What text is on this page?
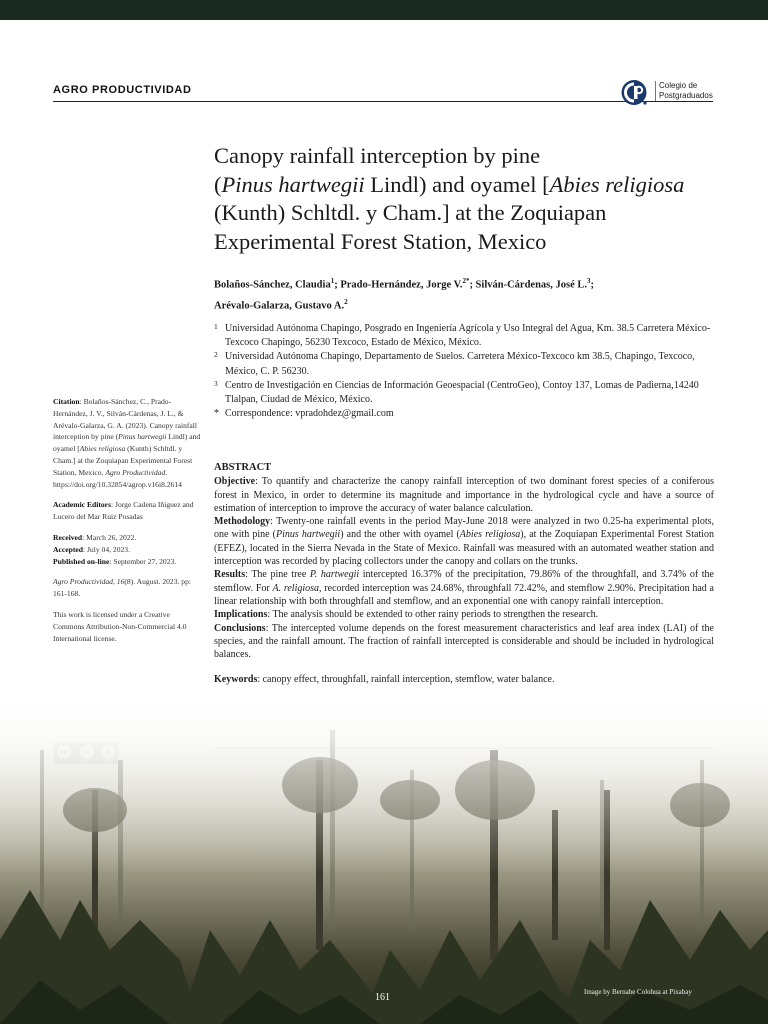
AGRO PRODUCTIVIDAD	Colegio de
Postgraduados
Canopy rainfall interception by pine
(Pinus hartwegii Lindl) and oyamel [Abies religiosa
(Kunth) Schltdl. y Cham.] at the Zoquiapan
Experimental Forest Station, Mexico
Bolaños-Sánchez, Claudia$^1$; Prado-Hernández, Jorge V.$^{2*}$; Silván-Cárdenas, José L.$^3$;
Arévalo-Galarza, Gustavo A.$^2$
1 Universidad Autónoma Chapingo, Posgrado en Ingeniería Agrícola y Uso Integral del Agua, Km. 38.5 Carretera México-Texcoco Chapingo, 56230 Texcoco, Estado de México, México.
2 Universidad Autónoma Chapingo, Departamento de Suelos. Carretera México-Texcoco km 38.5, Chapingo, Texcoco, México, C. P. 56230.
3 Centro de Investigación en Ciencias de Información Geoespacial (CentroGeo), Contoy 137, Lomas de Padierna,14240 Tlalpan, Ciudad de México, México.
* Correspondence: vpradohdez@gmail.com
Citation: Bolaños-Sánchez, C., Prado-Hernández, J. V., Silván-Cárdenas, J. L., & Arévalo-Galarza, G. A. (2023). Canopy rainfall interception by pine (Pinus hartwegii Lindl) and oyamel [Abies religiosa (Kunth) Schltdl. y Cham.] at the Zoquiapan Experimental Forest Station, Mexico. Agro Productividad. https://doi.org/10.32854/agrop.v16i8.2614
Academic Editors: Jorge Cadena Iñiguez and Lucero del Mar Ruiz Posadas
Received: March 26, 2022.
Accepted: July 04, 2023.
Published on-line: September 27, 2023.
Agro Productividad, 16(8). August. 2023. pp: 161-168.
This work is licensed under a Creative Commons Attribution-Non-Commercial 4.0 International license.
ABSTRACT

Objective: To quantify and characterize the canopy rainfall interception of two dominant forest species of a coniferous forest in Mexico, in order to determine its magnitude and importance in the hydrological cycle and have a source of estimation of interception to improve the accuracy of water balance calculation.

Methodology: Twenty-one rainfall events in the period May-June 2018 were analyzed in two 0.25-ha experimental plots, one with pine (Pinus hartwegii) and the other with oyamel (Abies religiosa), at the Zoquiapan Experimental Forest Station (EFEZ), located in the Sierra Nevada in the State of Mexico. Rainfall was measured with an automated weather station and interception was recorded by placing collectors under the canopy and collars on the trunks.

Results: The pine tree P. hartwegii intercepted 16.37% of the precipitation, 79.86% of the throughfall, and 3.74% of the stemflow. For A. religiosa, recorded interception was 24.68%, throughfall 72.42%, and stemflow 2.90%. Precipitation had a linear relationship with both throughfall and stemflow, and an exponential one with canopy rainfall interception.

Implications: The analysis should be extended to other rainy periods to strengthen the research.

Conclusions: The intercepted volume depends on the forest measurement characteristics and leaf area index (LAI) of the species, and the rainfall amount. The fraction of rainfall intercepted is considerable and should be included in hydrological balances.

Keywords: canopy effect, throughfall, rainfall interception, stemflow, water balance.

161	Image by Bernabe Colohua at Pixabay
